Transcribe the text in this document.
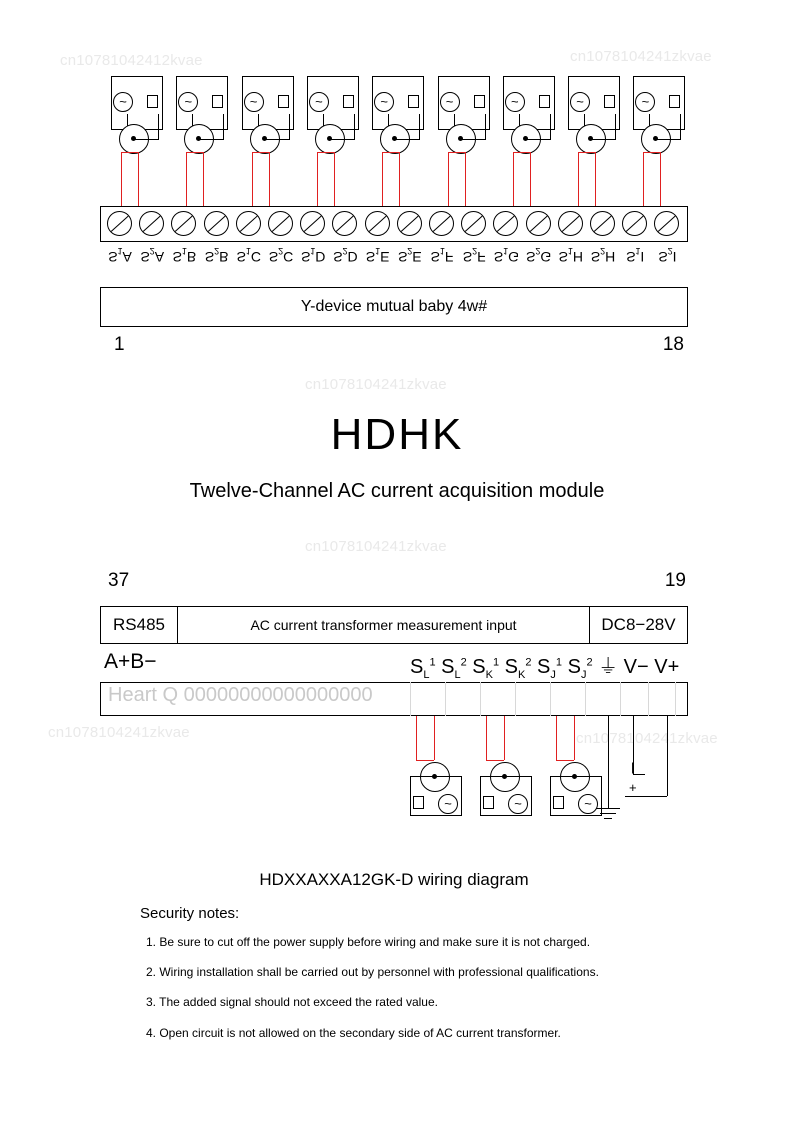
cn10781042412kvae	cn1078104241zkvae
cn1078104241zkvae
cn1078104241zkvae
cn1078104241zkvae	cn1078104241zkvae
~	~	~	~	~	~	~	~	~
$S_1A$ $S_2A$ $S_1B$ $S_2B$ $S_1C$ $S_2C$ $S_1D$ $S_2D$ $S_1E$ $S_2E$ $S_1F$ $S_2F$ $S_1G$ $S_2G$ $S_1H$ $S_2H$ $S_1I$ $S_2I$
Y-device mutual baby 4w#
1	18
HDHK
Twelve-Channel AC current acquisition module
37	19
RS485	AC current transformer measurement input	DC8−28V
A+B−	$S_L^1$ $S_L^2$ $S_K^1$ $S_K^2$ $S_J^1$ $S_J^2$ ⏚ V− V+
Heart Q 00000000000000000
~	~	~
|
+
HDXXAXXA12GK-D wiring diagram
Security notes:
1. Be sure to cut off the power supply before wiring and make sure it is not charged.
2. Wiring installation shall be carried out by personnel with professional qualifications.
3. The added signal should not exceed the rated value.
4. Open circuit is not allowed on the secondary side of AC current transformer.
